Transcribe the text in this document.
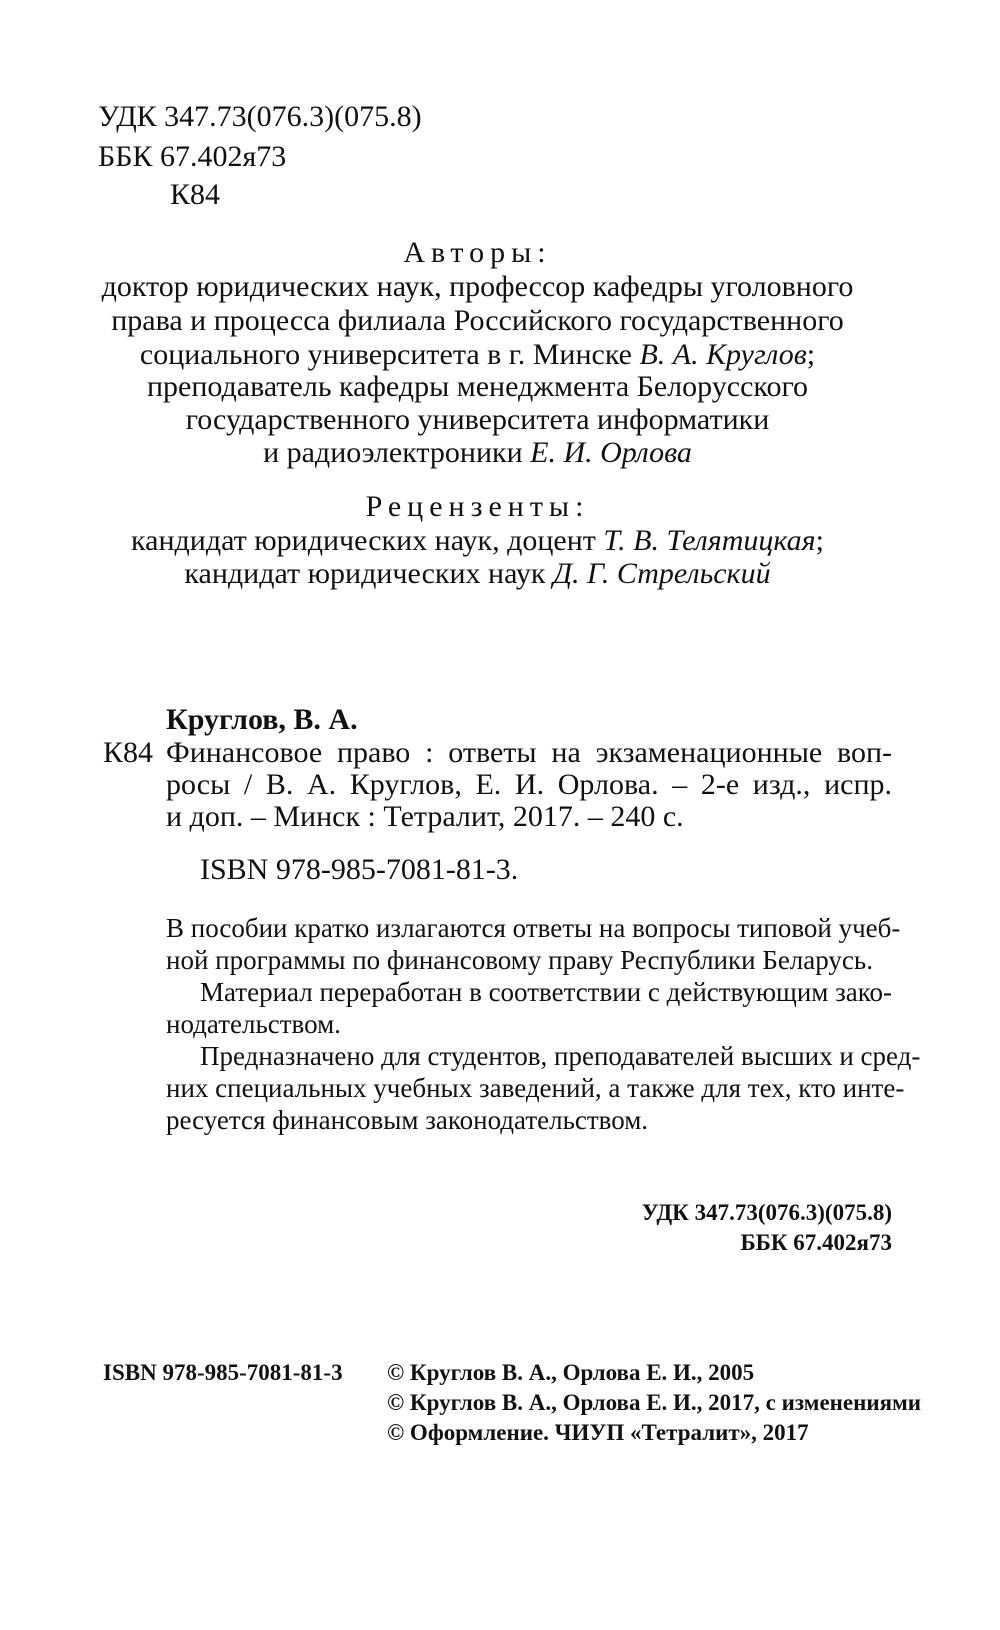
УДК 347.73(076.3)(075.8)
ББК 67.402я73
К84
Авторы:
доктор юридических наук, профессор кафедры уголовного
права и процесса филиала Российского государственного
социального университета в г. Минске В. А. Круглов;
преподаватель кафедры менеджмента Белорусского
государственного университета информатики
и радиоэлектроники Е. И. Орлова
Рецензенты:
кандидат юридических наук, доцент Т. В. Телятицкая;
кандидат юридических наук Д. Г. Стрельский
Круглов, В. А.
К84 Финансовое право : ответы на экзаменационные воп-
росы / В. А. Круглов, Е. И. Орлова. – 2-е изд., испр.
и доп. – Минск : Тетралит, 2017. – 240 с.
ISBN 978-985-7081-81-3.
В пособии кратко излагаются ответы на вопросы типовой учеб-
ной программы по финансовому праву Республики Беларусь.
Материал переработан в соответствии с действующим зако-
нодательством.
Предназначено для студентов, преподавателей высших и сред-
них специальных учебных заведений, а также для тех, кто инте-
ресуется финансовым законодательством.
УДК 347.73(076.3)(075.8)
ББК 67.402я73
ISBN 978-985-7081-81-3 © Круглов В. А., Орлова Е. И., 2005
© Круглов В. А., Орлова Е. И., 2017, с изменениями
© Оформление. ЧИУП «Тетралит», 2017
